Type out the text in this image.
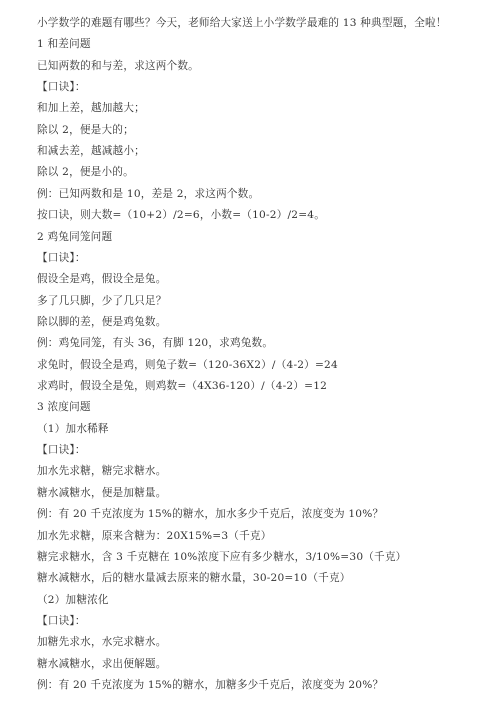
小学数学的难题有哪些？今天，老师给大家送上小学数学最难的 13 种典型题，全啦！
1 和差问题
已知两数的和与差，求这两个数。
【口诀】：
和加上差，越加越大；
除以 2，便是大的；
和减去差，越减越小；
除以 2，便是小的。
例：已知两数和是 10，差是 2，求这两个数。
按口诀，则大数=（10+2）/2=6，小数=（10-2）/2=4。
2 鸡兔同笼问题
【口诀】：
假设全是鸡，假设全是兔。
多了几只脚，少了几只足？
除以脚的差，便是鸡兔数。
例：鸡兔同笼，有头 36，有脚 120，求鸡兔数。
求兔时，假设全是鸡，则兔子数=（120-36X2）/（4-2）=24
求鸡时，假设全是兔，则鸡数=（4X36-120）/（4-2）=12
3 浓度问题
（1）加水稀释
【口诀】：
加水先求糖，糖完求糖水。
糖水减糖水，便是加糖量。
例：有 20 千克浓度为 15%的糖水，加水多少千克后，浓度变为 10%？
加水先求糖，原来含糖为：20X15%=3（千克）
糖完求糖水，含 3 千克糖在 10%浓度下应有多少糖水，3/10%=30（千克）
糖水减糖水，后的糖水量减去原来的糖水量，30-20=10（千克）
（2）加糖浓化
【口诀】：
加糖先求水，水完求糖水。
糖水减糖水，求出便解题。
例：有 20 千克浓度为 15%的糖水，加糖多少千克后，浓度变为 20%？
